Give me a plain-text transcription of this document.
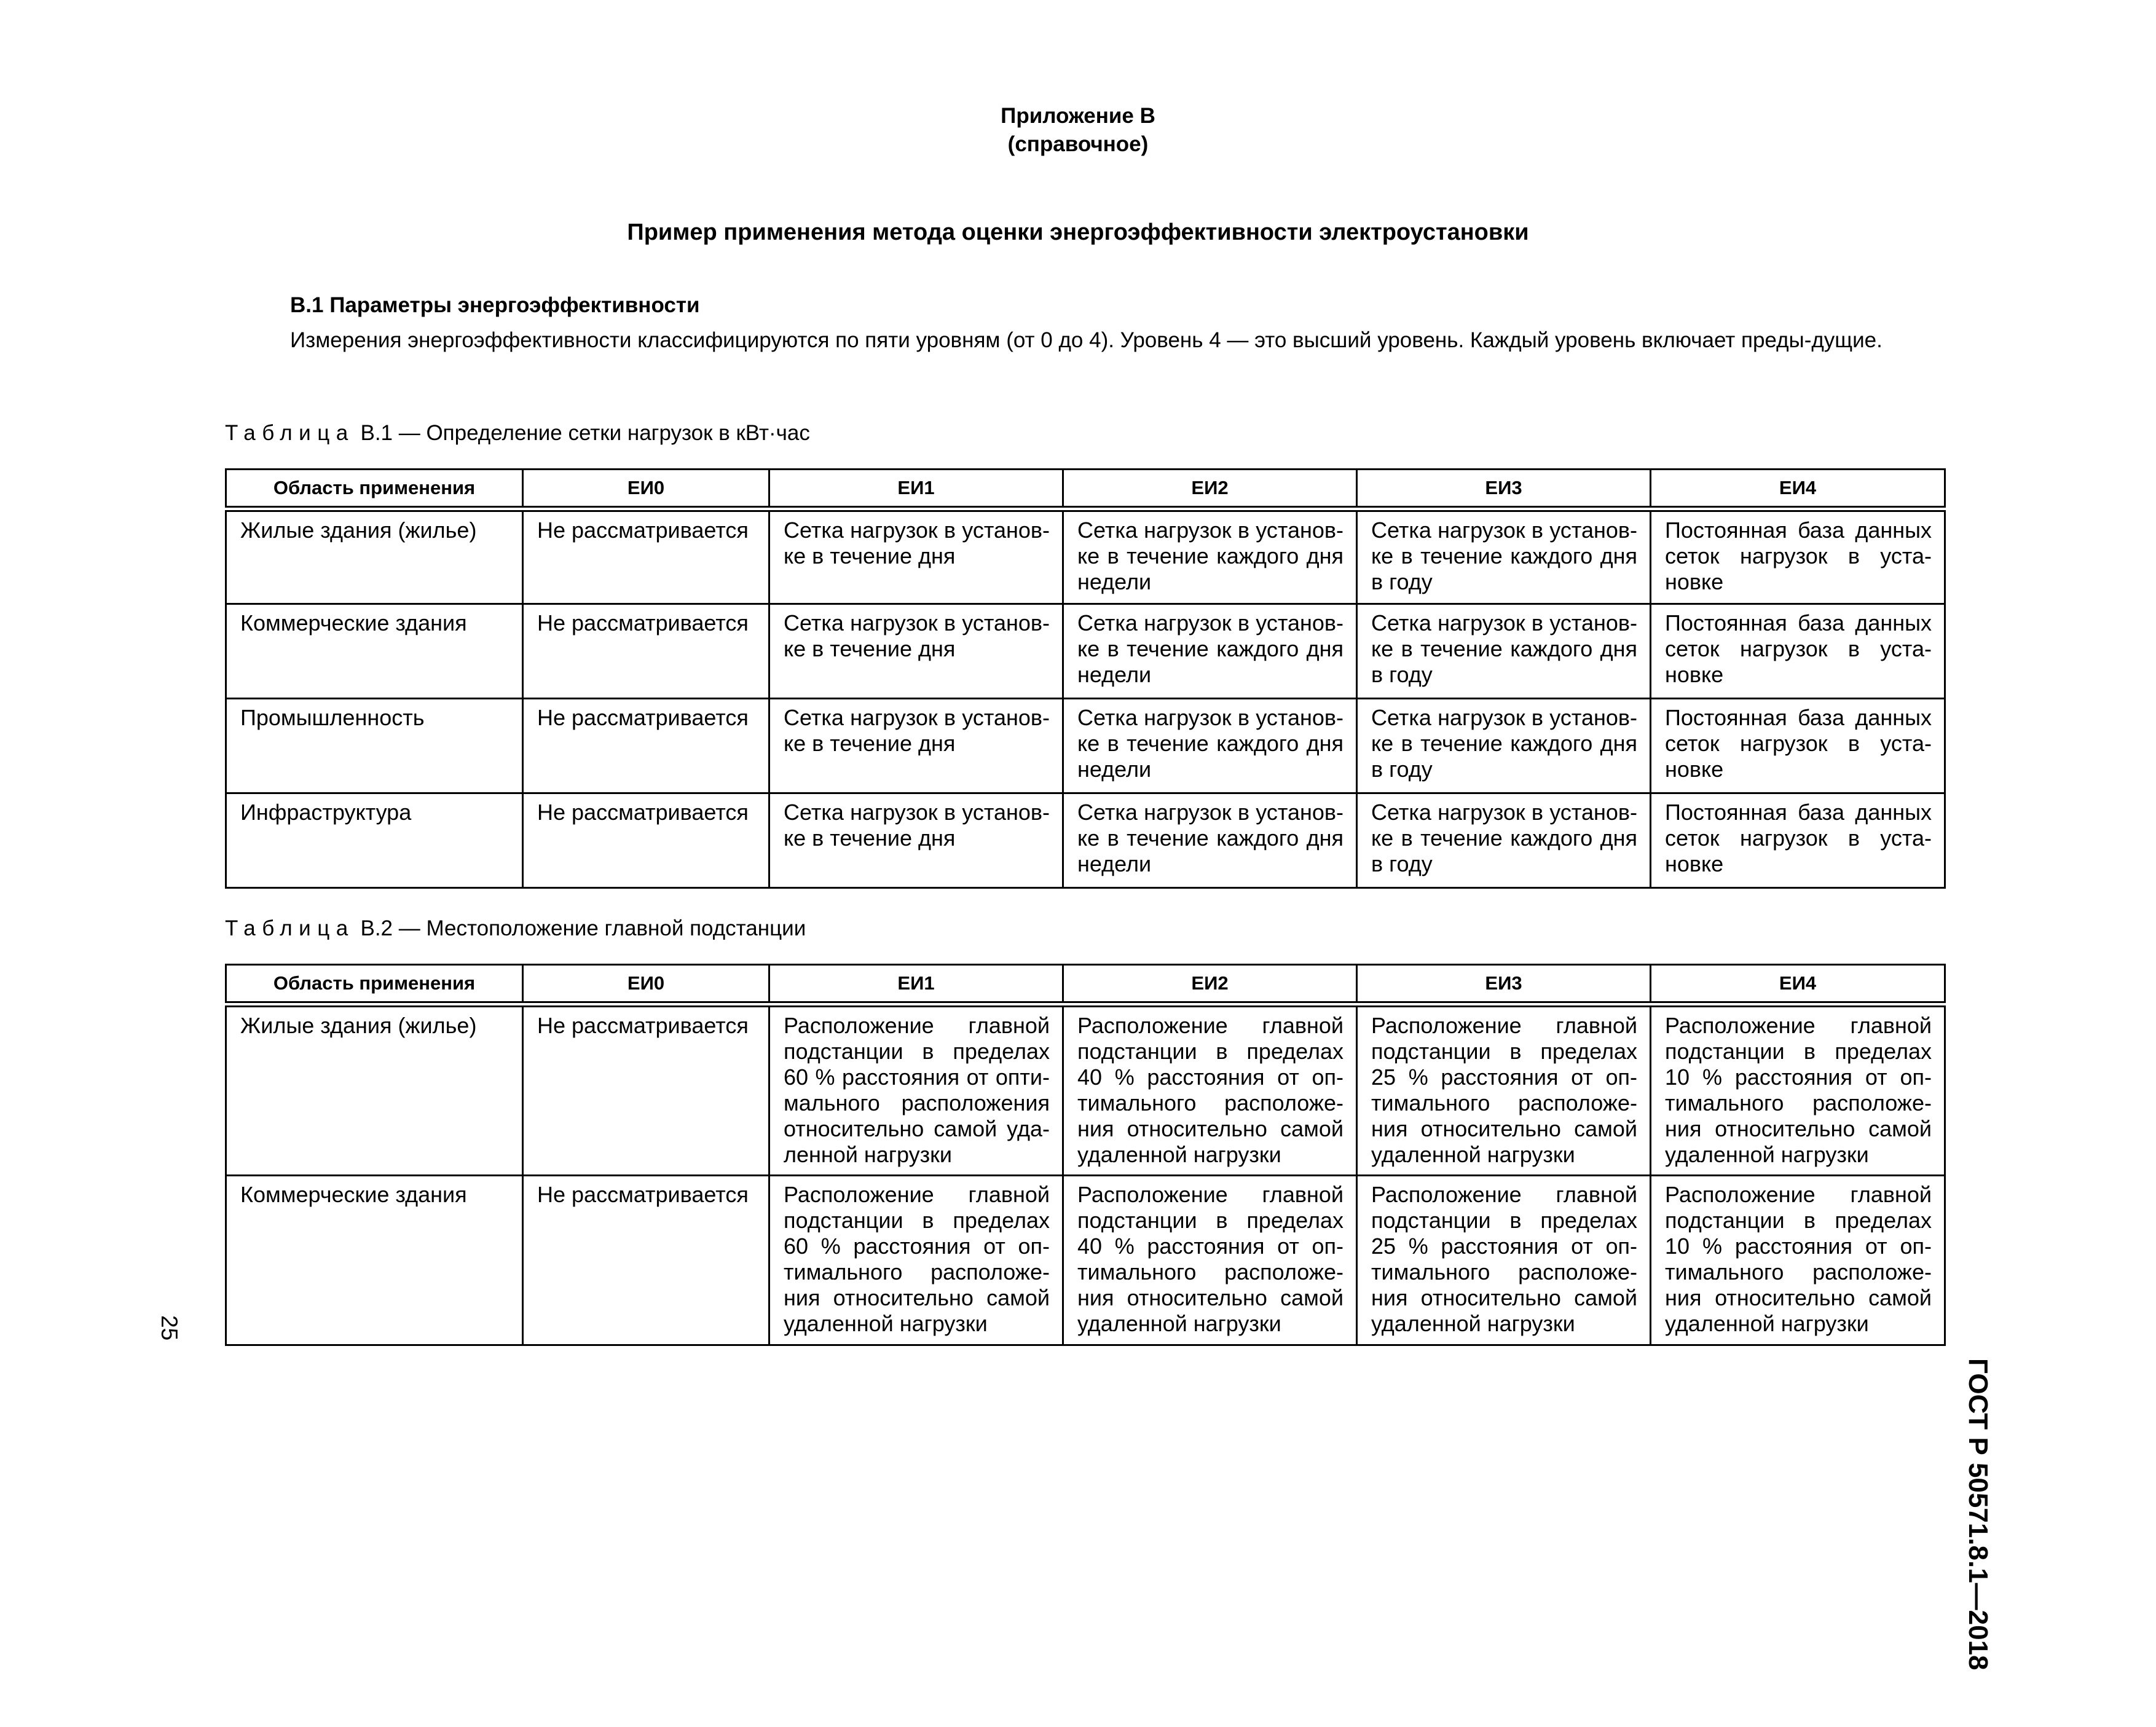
Приложение В
(справочное)
Пример применения метода оценки энергоэффективности электроустановки
В.1 Параметры энергоэффективности
Измерения энергоэффективности классифицируются по пяти уровням (от 0 до 4). Уровень 4 — это высший уровень. Каждый уровень включает преды-дущие.
Таблица В.1 — Определение сетки нагрузок в кВт·час
Область применения	ЕИ0	ЕИ1	ЕИ2	ЕИ3	ЕИ4
Жилые здания (жилье)	Не рассматривается	Сетка нагрузок в установ-ке в течение дня	Сетка нагрузок в установ-ке в течение каждого дня недели	Сетка нагрузок в установ-ке в течение каждого дня в году	Постоянная база данных сеток нагрузок в уста-новке
Коммерческие здания	Не рассматривается	Сетка нагрузок в установ-ке в течение дня	Сетка нагрузок в установ-ке в течение каждого дня недели	Сетка нагрузок в установ-ке в течение каждого дня в году	Постоянная база данных сеток нагрузок в уста-новке
Промышленность	Не рассматривается	Сетка нагрузок в установ-ке в течение дня	Сетка нагрузок в установ-ке в течение каждого дня недели	Сетка нагрузок в установ-ке в течение каждого дня в году	Постоянная база данных сеток нагрузок в уста-новке
Инфраструктура	Не рассматривается	Сетка нагрузок в установ-ке в течение дня	Сетка нагрузок в установ-ке в течение каждого дня недели	Сетка нагрузок в установ-ке в течение каждого дня в году	Постоянная база данных сеток нагрузок в уста-новке
Таблица В.2 — Местоположение главной подстанции
Область применения	ЕИ0	ЕИ1	ЕИ2	ЕИ3	ЕИ4
Жилые здания (жилье)	Не рассматривается	Расположение главной подстанции в пределах 60 % расстояния от опти-мального расположения относительно самой уда-ленной нагрузки	Расположение главной подстанции в пределах 40 % расстояния от оп-тимального расположе-ния относительно самой удаленной нагрузки	Расположение главной подстанции в пределах 25 % расстояния от оп-тимального расположе-ния относительно самой удаленной нагрузки	Расположение главной подстанции в пределах 10 % расстояния от оп-тимального расположе-ния относительно самой удаленной нагрузки
Коммерческие здания	Не рассматривается	Расположение главной подстанции в пределах 60 % расстояния от оп-тимального расположе-ния относительно самой удаленной нагрузки	Расположение главной подстанции в пределах 40 % расстояния от оп-тимального расположе-ния относительно самой удаленной нагрузки	Расположение главной подстанции в пределах 25 % расстояния от оп-тимального расположе-ния относительно самой удаленной нагрузки	Расположение главной подстанции в пределах 10 % расстояния от оп-тимального расположе-ния относительно самой удаленной нагрузки
ГОСТ Р 50571.8.1—2018
25
